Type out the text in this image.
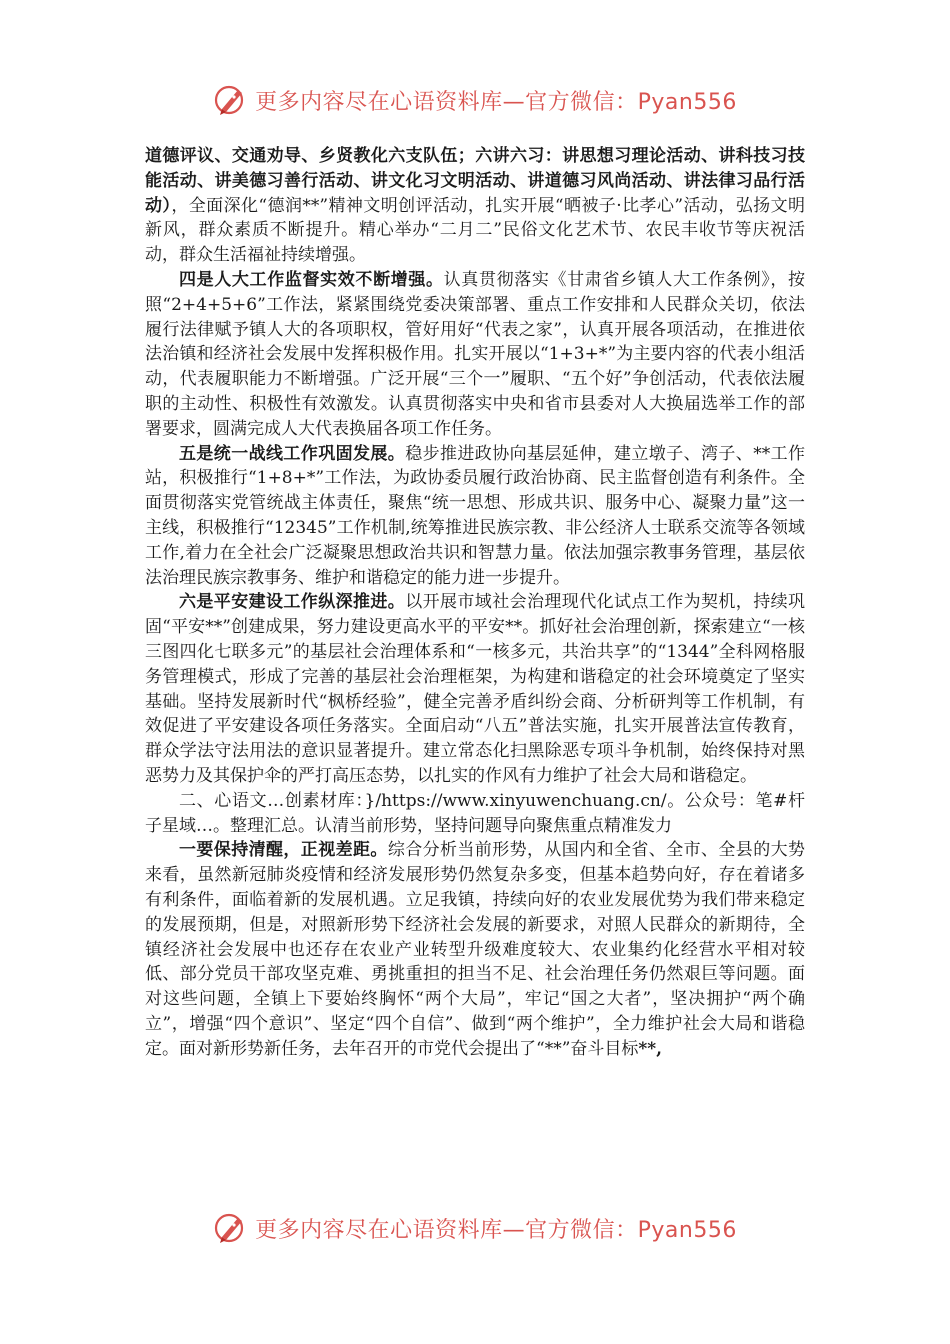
更多内容尽在心语资料库—官方微信：Pyan556

道德评议、交通劝导、乡贤教化六支队伍；六讲六习：讲思想习理论活动、讲科技习技能活动、讲美德习善行活动、讲文化习文明活动、讲道德习风尚活动、讲法律习品行活动），全面深化“德润**”精神文明创评活动，扎实开展“晒被子·比孝心”活动，弘扬文明新风，群众素质不断提升。精心举办“二月二”民俗文化艺术节、农民丰收节等庆祝活动，群众生活福祉持续增强。

四是人大工作监督实效不断增强。认真贯彻落实《甘肃省乡镇人大工作条例》，按照“2+4+5+6”工作法，紧紧围绕党委决策部署、重点工作安排和人民群众关切，依法履行法律赋予镇人大的各项职权，管好用好“代表之家”，认真开展各项活动，在推进依法治镇和经济社会发展中发挥积极作用。扎实开展以“1+3+*”为主要内容的代表小组活动，代表履职能力不断增强。广泛开展“三个一”履职、“五个好”争创活动，代表依法履职的主动性、积极性有效激发。认真贯彻落实中央和省市县委对人大换届选举工作的部署要求，圆满完成人大代表换届各项工作任务。

五是统一战线工作巩固发展。稳步推进政协向基层延伸，建立墩子、湾子、**工作站，积极推行“1+8+*”工作法，为政协委员履行政治协商、民主监督创造有利条件。全面贯彻落实党管统战主体责任，聚焦“统一思想、形成共识、服务中心、凝聚力量”这一主线，积极推行“12345”工作机制,统筹推进民族宗教、非公经济人士联系交流等各领域工作,着力在全社会广泛凝聚思想政治共识和智慧力量。依法加强宗教事务管理，基层依法治理民族宗教事务、维护和谐稳定的能力进一步提升。

六是平安建设工作纵深推进。以开展市域社会治理现代化试点工作为契机，持续巩固“平安**”创建成果，努力建设更高水平的平安**。抓好社会治理创新，探索建立“一核三图四化七联多元”的基层社会治理体系和“一核多元，共治共享”的“1344”全科网格服务管理模式，形成了完善的基层社会治理框架，为构建和谐稳定的社会环境奠定了坚实基础。坚持发展新时代“枫桥经验”，健全完善矛盾纠纷会商、分析研判等工作机制，有效促进了平安建设各项任务落实。全面启动“八五”普法实施，扎实开展普法宣传教育，群众学法守法用法的意识显著提升。建立常态化扫黑除恶专项斗争机制，始终保持对黑恶势力及其保护伞的严打高压态势，以扎实的作风有力维护了社会大局和谐稳定。

二、心语文…创素材库：}/https://www.xinyuwenchuang.cn/。公众号：笔#杆子星域…。整理汇总。认清当前形势，坚持问题导向聚焦重点精准发力

一要保持清醒，正视差距。综合分析当前形势，从国内和全省、全市、全县的大势来看，虽然新冠肺炎疫情和经济发展形势仍然复杂多变，但基本趋势向好，存在着诸多有利条件，面临着新的发展机遇。立足我镇，持续向好的农业发展优势为我们带来稳定的发展预期，但是，对照新形势下经济社会发展的新要求，对照人民群众的新期待，全镇经济社会发展中也还存在农业产业转型升级难度较大、农业集约化经营水平相对较低、部分党员干部攻坚克难、勇挑重担的担当不足、社会治理任务仍然艰巨等问题。面对这些问题，全镇上下要始终胸怀“两个大局”，牢记“国之大者”，坚决拥护“两个确立”，增强“四个意识”、坚定“四个自信”、做到“两个维护”，全力维护社会大局和谐稳定。面对新形势新任务，去年召开的市党代会提出了“**”奋斗目标**,

更多内容尽在心语资料库—官方微信：Pyan556
